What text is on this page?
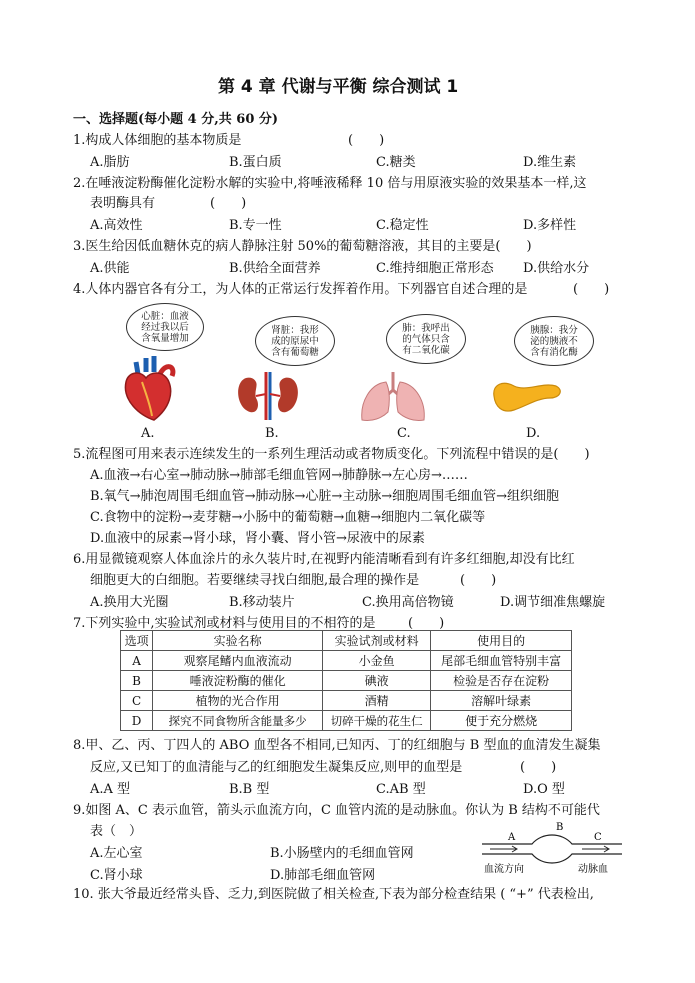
第 4 章 代谢与平衡 综合测试 1
一、选择题(每小题 4 分,共 60 分)
1.构成人体细胞的基本物质是	(　　)
A.脂肪	B.蛋白质	C.糖类	D.维生素
2.在唾液淀粉酶催化淀粉水解的实验中,将唾液稀释 10 倍与用原液实验的效果基本一样,这
表明酶具有	(　　)
A.高效性	B.专一性	C.稳定性	D.多样性
3.医生给因低血糖休克的病人静脉注射 50%的葡萄糖溶液，其目的主要是(　　)
A.供能	B.供给全面营养	C.维持细胞正常形态 D.供给水分
4.人体内器官各有分工，为人体的正常运行发挥着作用。下列器官自述合理的是	(　　)
心脏：血液
经过我以后
含氧量增加
肾脏：我形
成的原尿中
含有葡萄糖
肺：我呼出
的气体只含
有二氧化碳
胰腺：我分
泌的胰液不
含有消化酶
A.	B.	C.	D.
5.流程图可用来表示连续发生的一系列生理活动或者物质变化。下列流程中错误的是(　　)
A.血液→右心室→肺动脉→肺部毛细血管网→肺静脉→左心房→……
B.氧气→肺泡周围毛细血管→肺动脉→心脏→主动脉→细胞周围毛细血管→组织细胞
C.食物中的淀粉→麦芽糖→小肠中的葡萄糖→血糖→细胞内二氧化碳等
D.血液中的尿素→肾小球，肾小囊、肾小管→尿液中的尿素
6.用显微镜观察人体血涂片的永久装片时,在视野内能清晰看到有许多红细胞,却没有比红
细胞更大的白细胞。若要继续寻找白细胞,最合理的操作是	(　　)
A.换用大光圈	B.移动装片	C.换用高倍物镜	D.调节细准焦螺旋
7.下列实验中,实验试剂或材料与使用目的不相符的是 (　　)
选项	实验名称	实验试剂或材料	使用目的
A	观察尾鳍内血液流动	小金鱼	尾部毛细血管特别丰富
B	唾液淀粉酶的催化	碘液	检验是否存在淀粉
C	植物的光合作用	酒精	溶解叶绿素
D	探究不同食物所含能量多少	切碎干燥的花生仁	便于充分燃烧
8.甲、乙、丙、丁四人的 ABO 血型各不相同,已知丙、丁的红细胞与 B 型血的血清发生凝集
反应,又已知丁的血清能与乙的红细胞发生凝集反应,则甲的血型是	(　　)
A.A 型	B.B 型	C.AB 型	D.O 型
9.如图 A、C 表示血管，箭头示血流方向，C 血管内流的是动脉血。你认为 B 结构不可能代
表（　）
A.左心室	B.小肠壁内的毛细血管网
C.肾小球	D.肺部毛细血管网
A
B
C
血流方向	动脉血
10. 张大爷最近经常头昏、乏力,到医院做了相关检查,下表为部分检查结果 ( “+” 代表检出,
